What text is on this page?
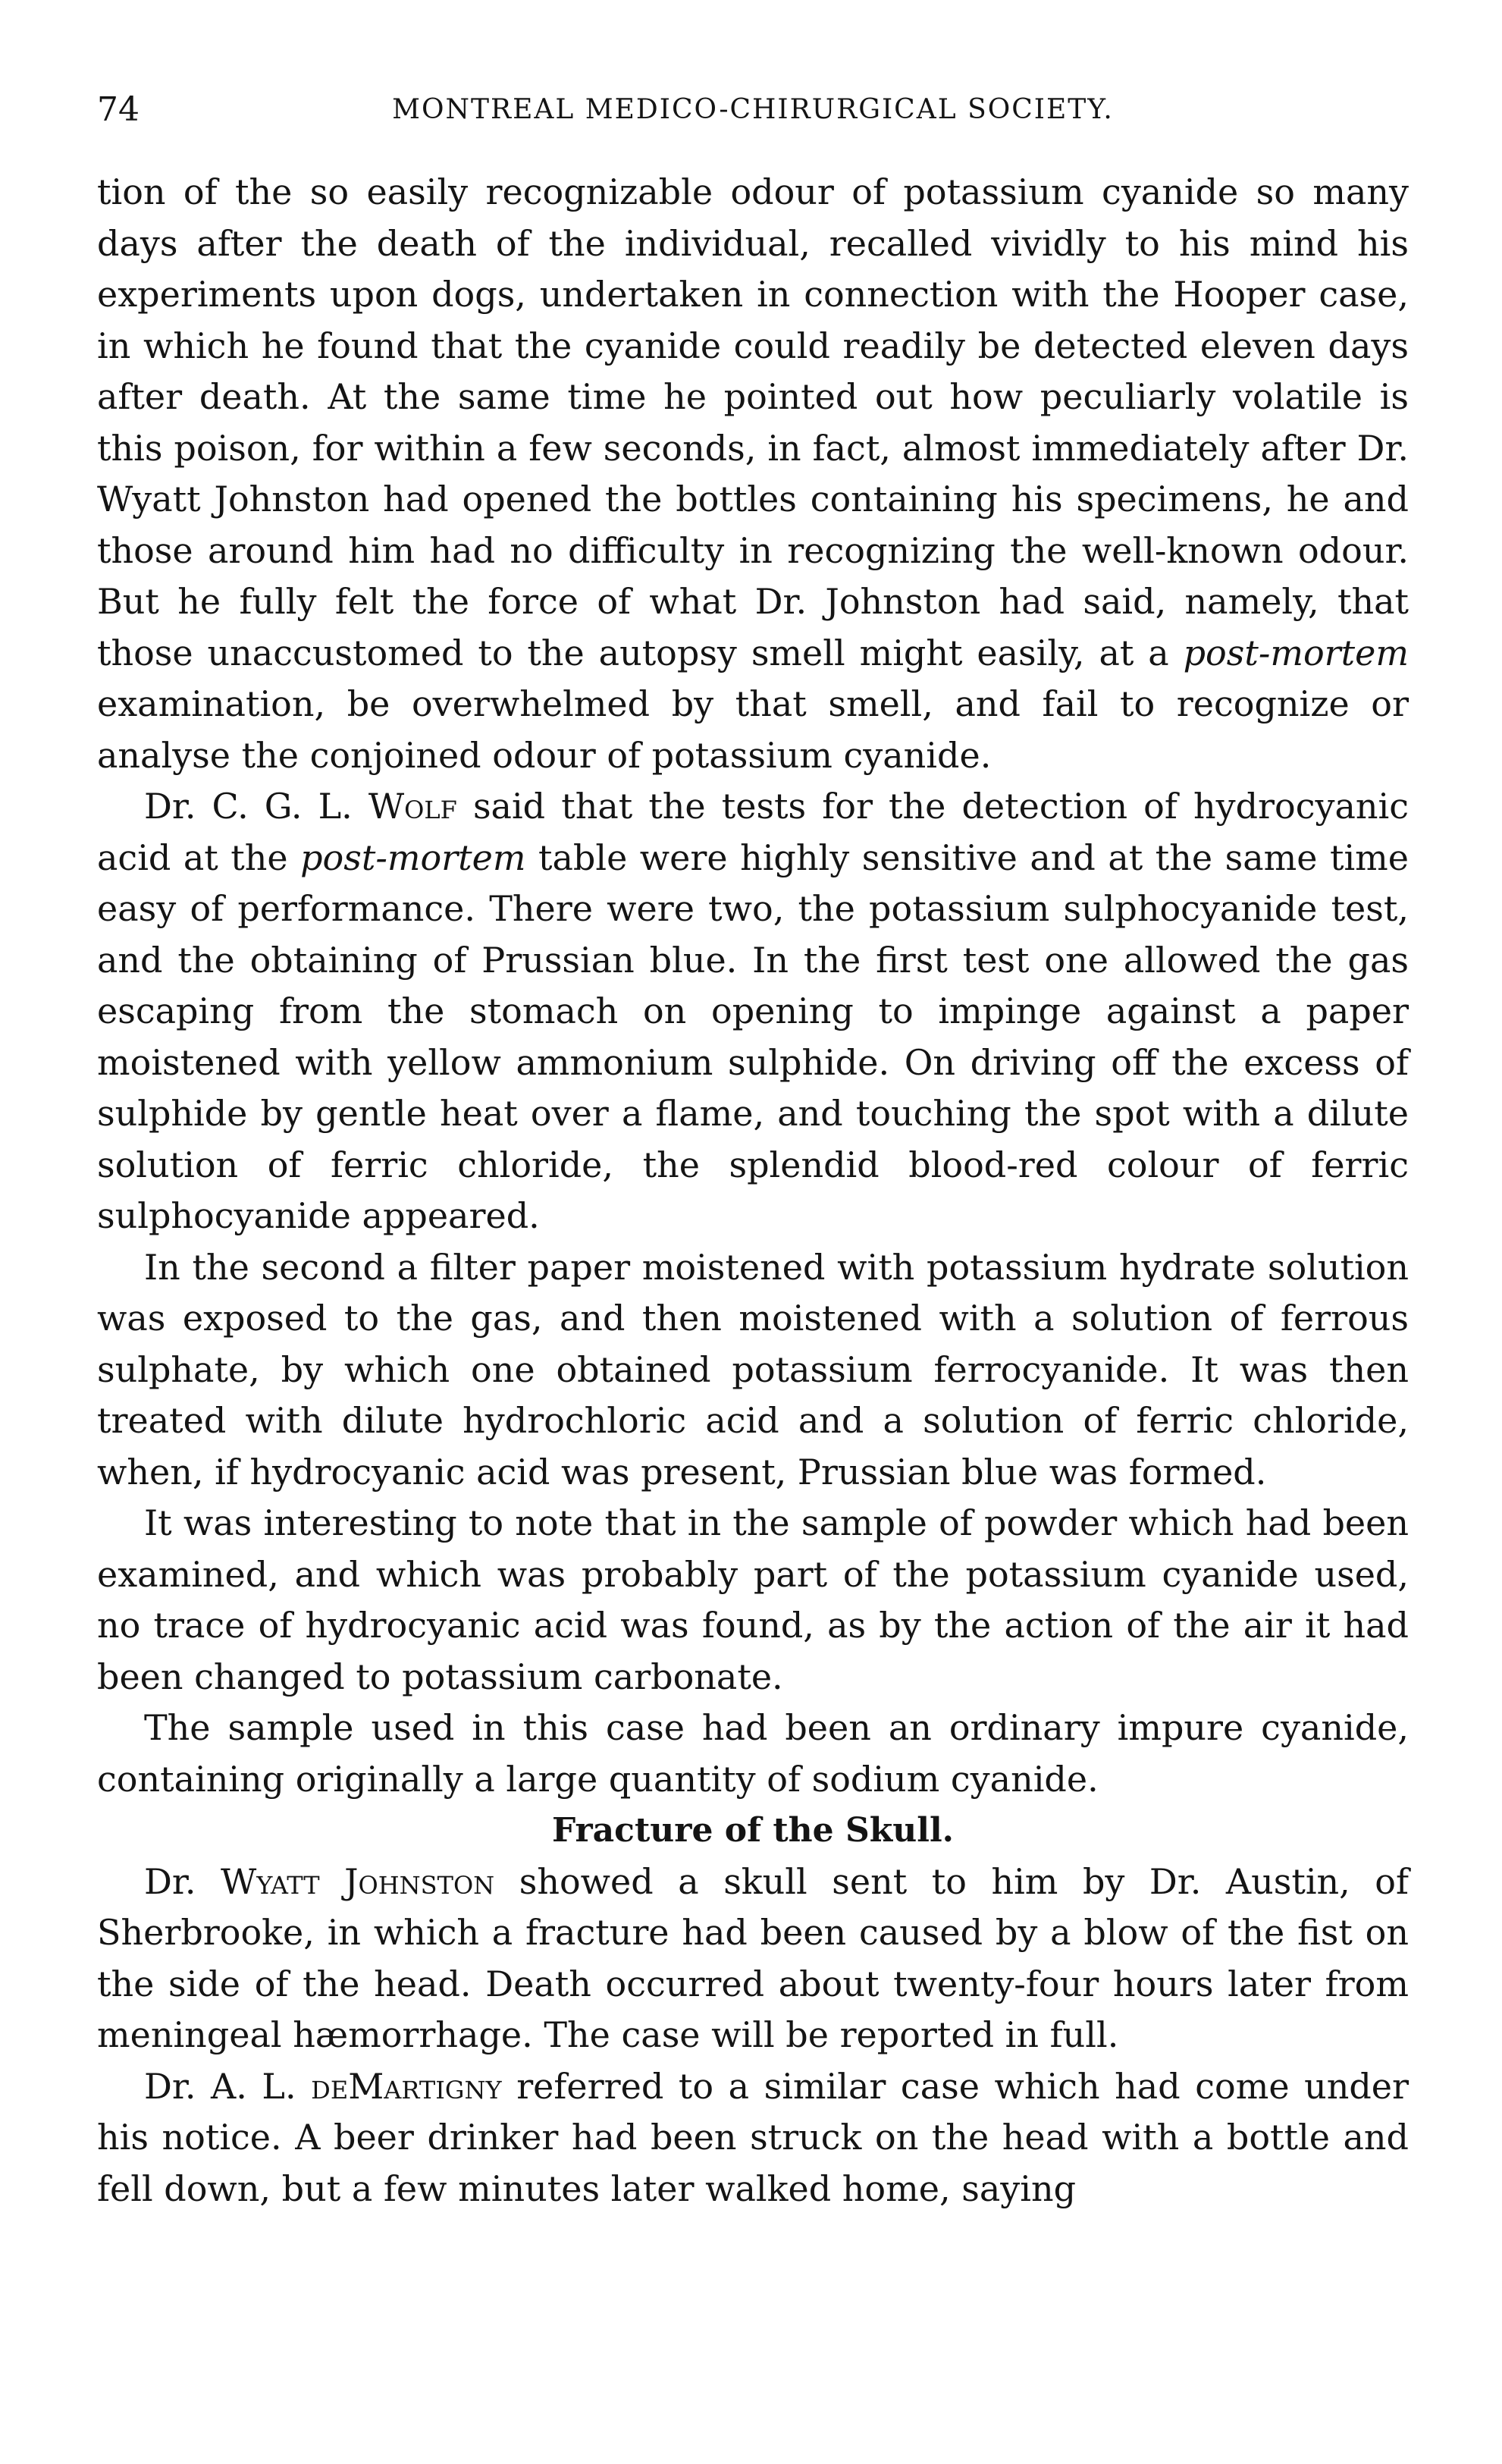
74	MONTREAL MEDICO-CHIRURGICAL SOCIETY.

tion of the so easily recognizable odour of potassium cyanide so many days after the death of the individual, recalled vividly to his mind his experiments upon dogs, undertaken in connection with the Hooper case, in which he found that the cyanide could readily be detected eleven days after death. At the same time he pointed out how peculiarly volatile is this poison, for within a few seconds, in fact, almost immediately after Dr. Wyatt Johnston had opened the bottles containing his specimens, he and those around him had no difficulty in recognizing the well-known odour. But he fully felt the force of what Dr. Johnston had said, namely, that those unaccustomed to the autopsy smell might easily, at a post-mortem examination, be overwhelmed by that smell, and fail to recognize or analyse the conjoined odour of potassium cyanide.

Dr. C. G. L. Wolf said that the tests for the detection of hydrocyanic acid at the post-mortem table were highly sensitive and at the same time easy of performance. There were two, the potassium sulphocyanide test, and the obtaining of Prussian blue. In the first test one allowed the gas escaping from the stomach on opening to impinge against a paper moistened with yellow ammonium sulphide. On driving off the excess of sulphide by gentle heat over a flame, and touching the spot with a dilute solution of ferric chloride, the splendid blood-red colour of ferric sulphocyanide appeared.

In the second a filter paper moistened with potassium hydrate solution was exposed to the gas, and then moistened with a solution of ferrous sulphate, by which one obtained potassium ferrocyanide. It was then treated with dilute hydrochloric acid and a solution of ferric chloride, when, if hydrocyanic acid was present, Prussian blue was formed.

It was interesting to note that in the sample of powder which had been examined, and which was probably part of the potassium cyanide used, no trace of hydrocyanic acid was found, as by the action of the air it had been changed to potassium carbonate.

The sample used in this case had been an ordinary impure cyanide, containing originally a large quantity of sodium cyanide.

Fracture of the Skull.

Dr. Wyatt Johnston showed a skull sent to him by Dr. Austin, of Sherbrooke, in which a fracture had been caused by a blow of the fist on the side of the head. Death occurred about twenty-four hours later from meningeal hæmorrhage. The case will be reported in full.

Dr. A. L. deMartigny referred to a similar case which had come under his notice. A beer drinker had been struck on the head with a bottle and fell down, but a few minutes later walked home, saying
